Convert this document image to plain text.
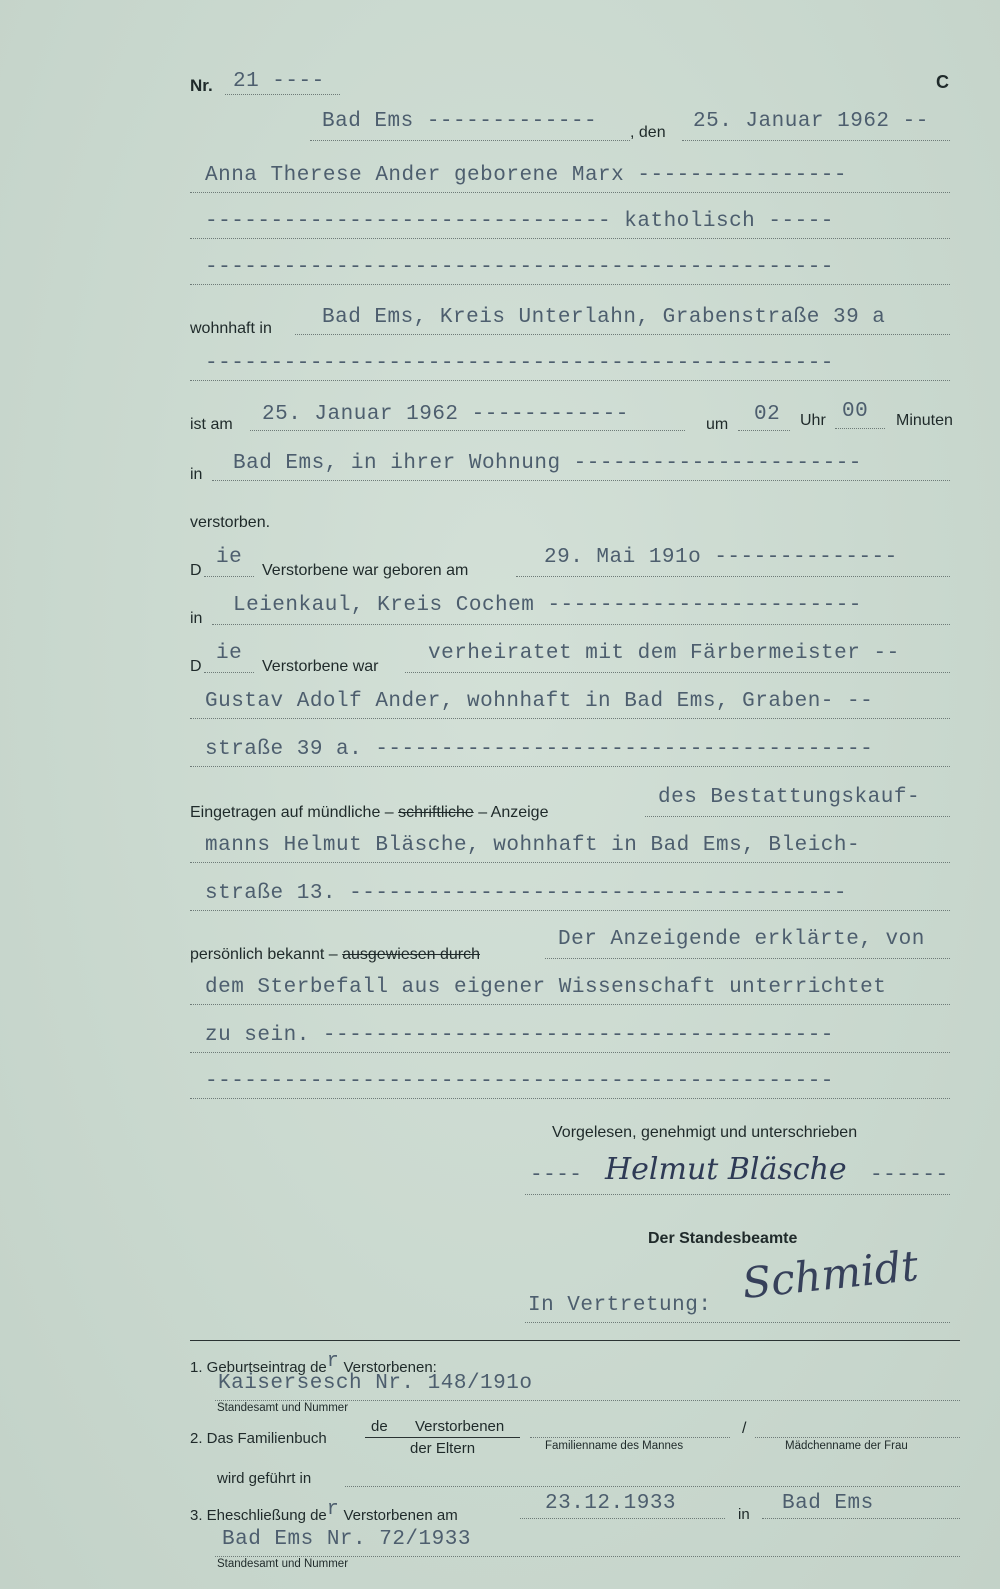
Nr. 21 ----	C
Bad Ems ------------- , den 25. Januar 1962 --
Anna Therese Ander geborene Marx ----------------
------------------------------- katholisch -----
------------------------------------------------
wohnhaft in Bad Ems, Kreis Unterlahn, Grabenstraße 39 a
------------------------------------------------
ist am 25. Januar 1962 ------------	um 02 Uhr 00 Minuten
in Bad Ems, in ihrer Wohnung ----------------------
verstorben.
D
ie
Verstorbene war geboren am
29. Mai 191o --------------
in
Leienkaul, Kreis Cochem ------------------------
D
ie
Verstorbene war
verheiratet mit dem Färbermeister --
Gustav Adolf Ander, wohnhaft in Bad Ems, Graben- --
straße 39 a. --------------------------------------
Eingetragen auf mündliche – schriftliche – Anzeige
des Bestattungskauf-
manns Helmut Bläsche, wohnhaft in Bad Ems, Bleich-
straße 13. --------------------------------------
persönlich bekannt – ausgewiesen durch
Der Anzeigende erklärte, von
dem Sterbefall aus eigener Wissenschaft unterrichtet
zu sein. ---------------------------------------
------------------------------------------------
Vorgelesen, genehmigt und unterschrieben
---- Helmut Bläsche ------
Der Standesbeamte
In Vertretung: Schmidt
1. Geburtseintrag der Verstorbenen:
Kaisersesch Nr. 148/191o
Standesamt und Nummer
2. Das Familienbuch
de Verstorbenen
der Eltern
/
Familienname des Mannes	Mädchenname der Frau
wird geführt in
3. Eheschließung der Verstorbenen am
23.12.1933	in Bad Ems
Bad Ems Nr. 72/1933
Standesamt und Nummer
